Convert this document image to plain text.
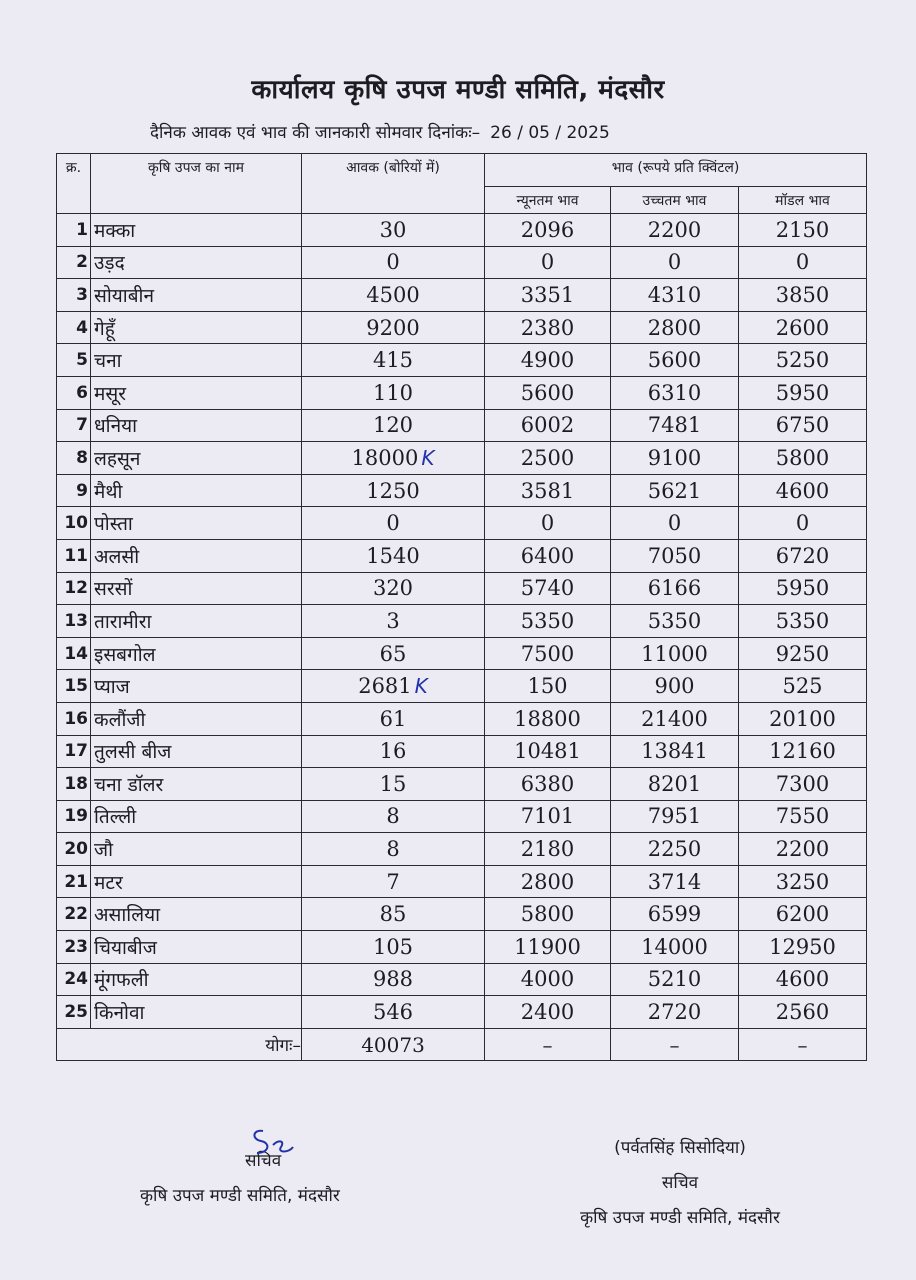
कार्यालय कृषि उपज मण्डी समिति, मंदसौर
दैनिक आवक एवं भाव की जानकारी सोमवार दिनांकः– 26 / 05 / 2025
क्र.	कृषि उपज का नाम	आवक (बोरियों में)	भाव (रूपये प्रति क्विंटल)		
			न्यूनतम भाव	उच्चतम भाव	मॉडल भाव
1	मक्का	30	2096	2200	2150
2	उड़द	0	0	0	0
3	सोयाबीन	4500	3351	4310	3850
4	गेहूँ	9200	2380	2800	2600
5	चना	415	4900	5600	5250
6	मसूर	110	5600	6310	5950
7	धनिया	120	6002	7481	6750
8	लहसून	18000 K	2500	9100	5800
9	मैथी	1250	3581	5621	4600
10	पोस्ता	0	0	0	0
11	अलसी	1540	6400	7050	6720
12	सरसों	320	5740	6166	5950
13	तारामीरा	3	5350	5350	5350
14	इसबगोल	65	7500	11000	9250
15	प्याज	2681 K	150	900	525
16	कलौंजी	61	18800	21400	20100
17	तुलसी बीज	16	10481	13841	12160
18	चना डॉलर	15	6380	8201	7300
19	तिल्ली	8	7101	7951	7550
20	जौ	8	2180	2250	2200
21	मटर	7	2800	3714	3250
22	असालिया	85	5800	6599	6200
23	चियाबीज	105	11900	14000	12950
24	मूंगफली	988	4000	5210	4600
25	किनोवा	546	2400	2720	2560
योगः–		40073	–	–	–
सचिव
कृषि उपज मण्डी समिति, मंदसौर
(पर्वतसिंह सिसोदिया)
सचिव
कृषि उपज मण्डी समिति, मंदसौर
